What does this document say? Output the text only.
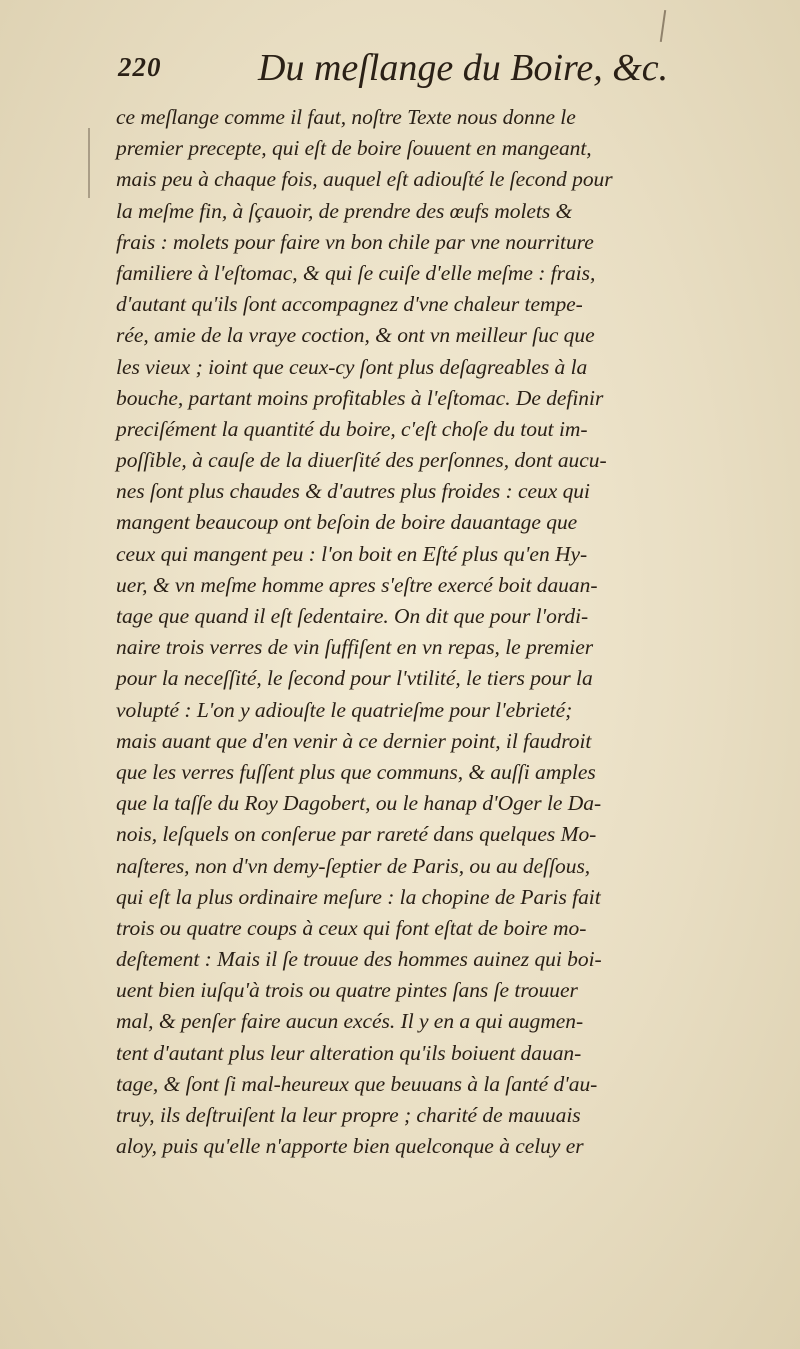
220	Du meſlange du Boire, &c.
ce meſlange comme il faut, noſtre Texte nous donne le
premier precepte, qui eſt de boire ſouuent en mangeant,
mais peu à chaque fois, auquel eſt adiouſté le ſecond pour
la meſme fin, à ſçauoir, de prendre des œufs molets &
frais : molets pour faire vn bon chile par vne nourriture
familiere à l'eſtomac, & qui ſe cuiſe d'elle meſme : frais,
d'autant qu'ils ſont accompagnez d'vne chaleur tempe-
rée, amie de la vraye coction, & ont vn meilleur ſuc que
les vieux ; ioint que ceux-cy ſont plus deſagreables à la
bouche, partant moins profitables à l'eſtomac. De definir
preciſément la quantité du boire, c'eſt choſe du tout im-
poſſible, à cauſe de la diuerſité des perſonnes, dont aucu-
nes ſont plus chaudes & d'autres plus froides : ceux qui
mangent beaucoup ont beſoin de boire dauantage que
ceux qui mangent peu : l'on boit en Eſté plus qu'en Hy-
uer, & vn meſme homme apres s'eſtre exercé boit dauan-
tage que quand il eſt ſedentaire. On dit que pour l'ordi-
naire trois verres de vin ſuffiſent en vn repas, le premier
pour la neceſſité, le ſecond pour l'vtilité, le tiers pour la
volupté : L'on y adiouſte le quatrieſme pour l'ebrieté;
mais auant que d'en venir à ce dernier point, il faudroit
que les verres fuſſent plus que communs, & auſſi amples
que la taſſe du Roy Dagobert, ou le hanap d'Oger le Da-
nois, leſquels on conſerue par rareté dans quelques Mo-
naſteres, non d'vn demy-ſeptier de Paris, ou au deſſous,
qui eſt la plus ordinaire meſure : la chopine de Paris fait
trois ou quatre coups à ceux qui font eſtat de boire mo-
deſtement : Mais il ſe trouue des hommes auinez qui boi-
uent bien iuſqu'à trois ou quatre pintes ſans ſe trouuer
mal, & penſer faire aucun excés. Il y en a qui augmen-
tent d'autant plus leur alteration qu'ils boiuent dauan-
tage, & ſont ſi mal-heureux que beuuans à la ſanté d'au-
truy, ils deſtruiſent la leur propre ; charité de mauuais
aloy, puis qu'elle n'apporte bien quelconque à celuy er
